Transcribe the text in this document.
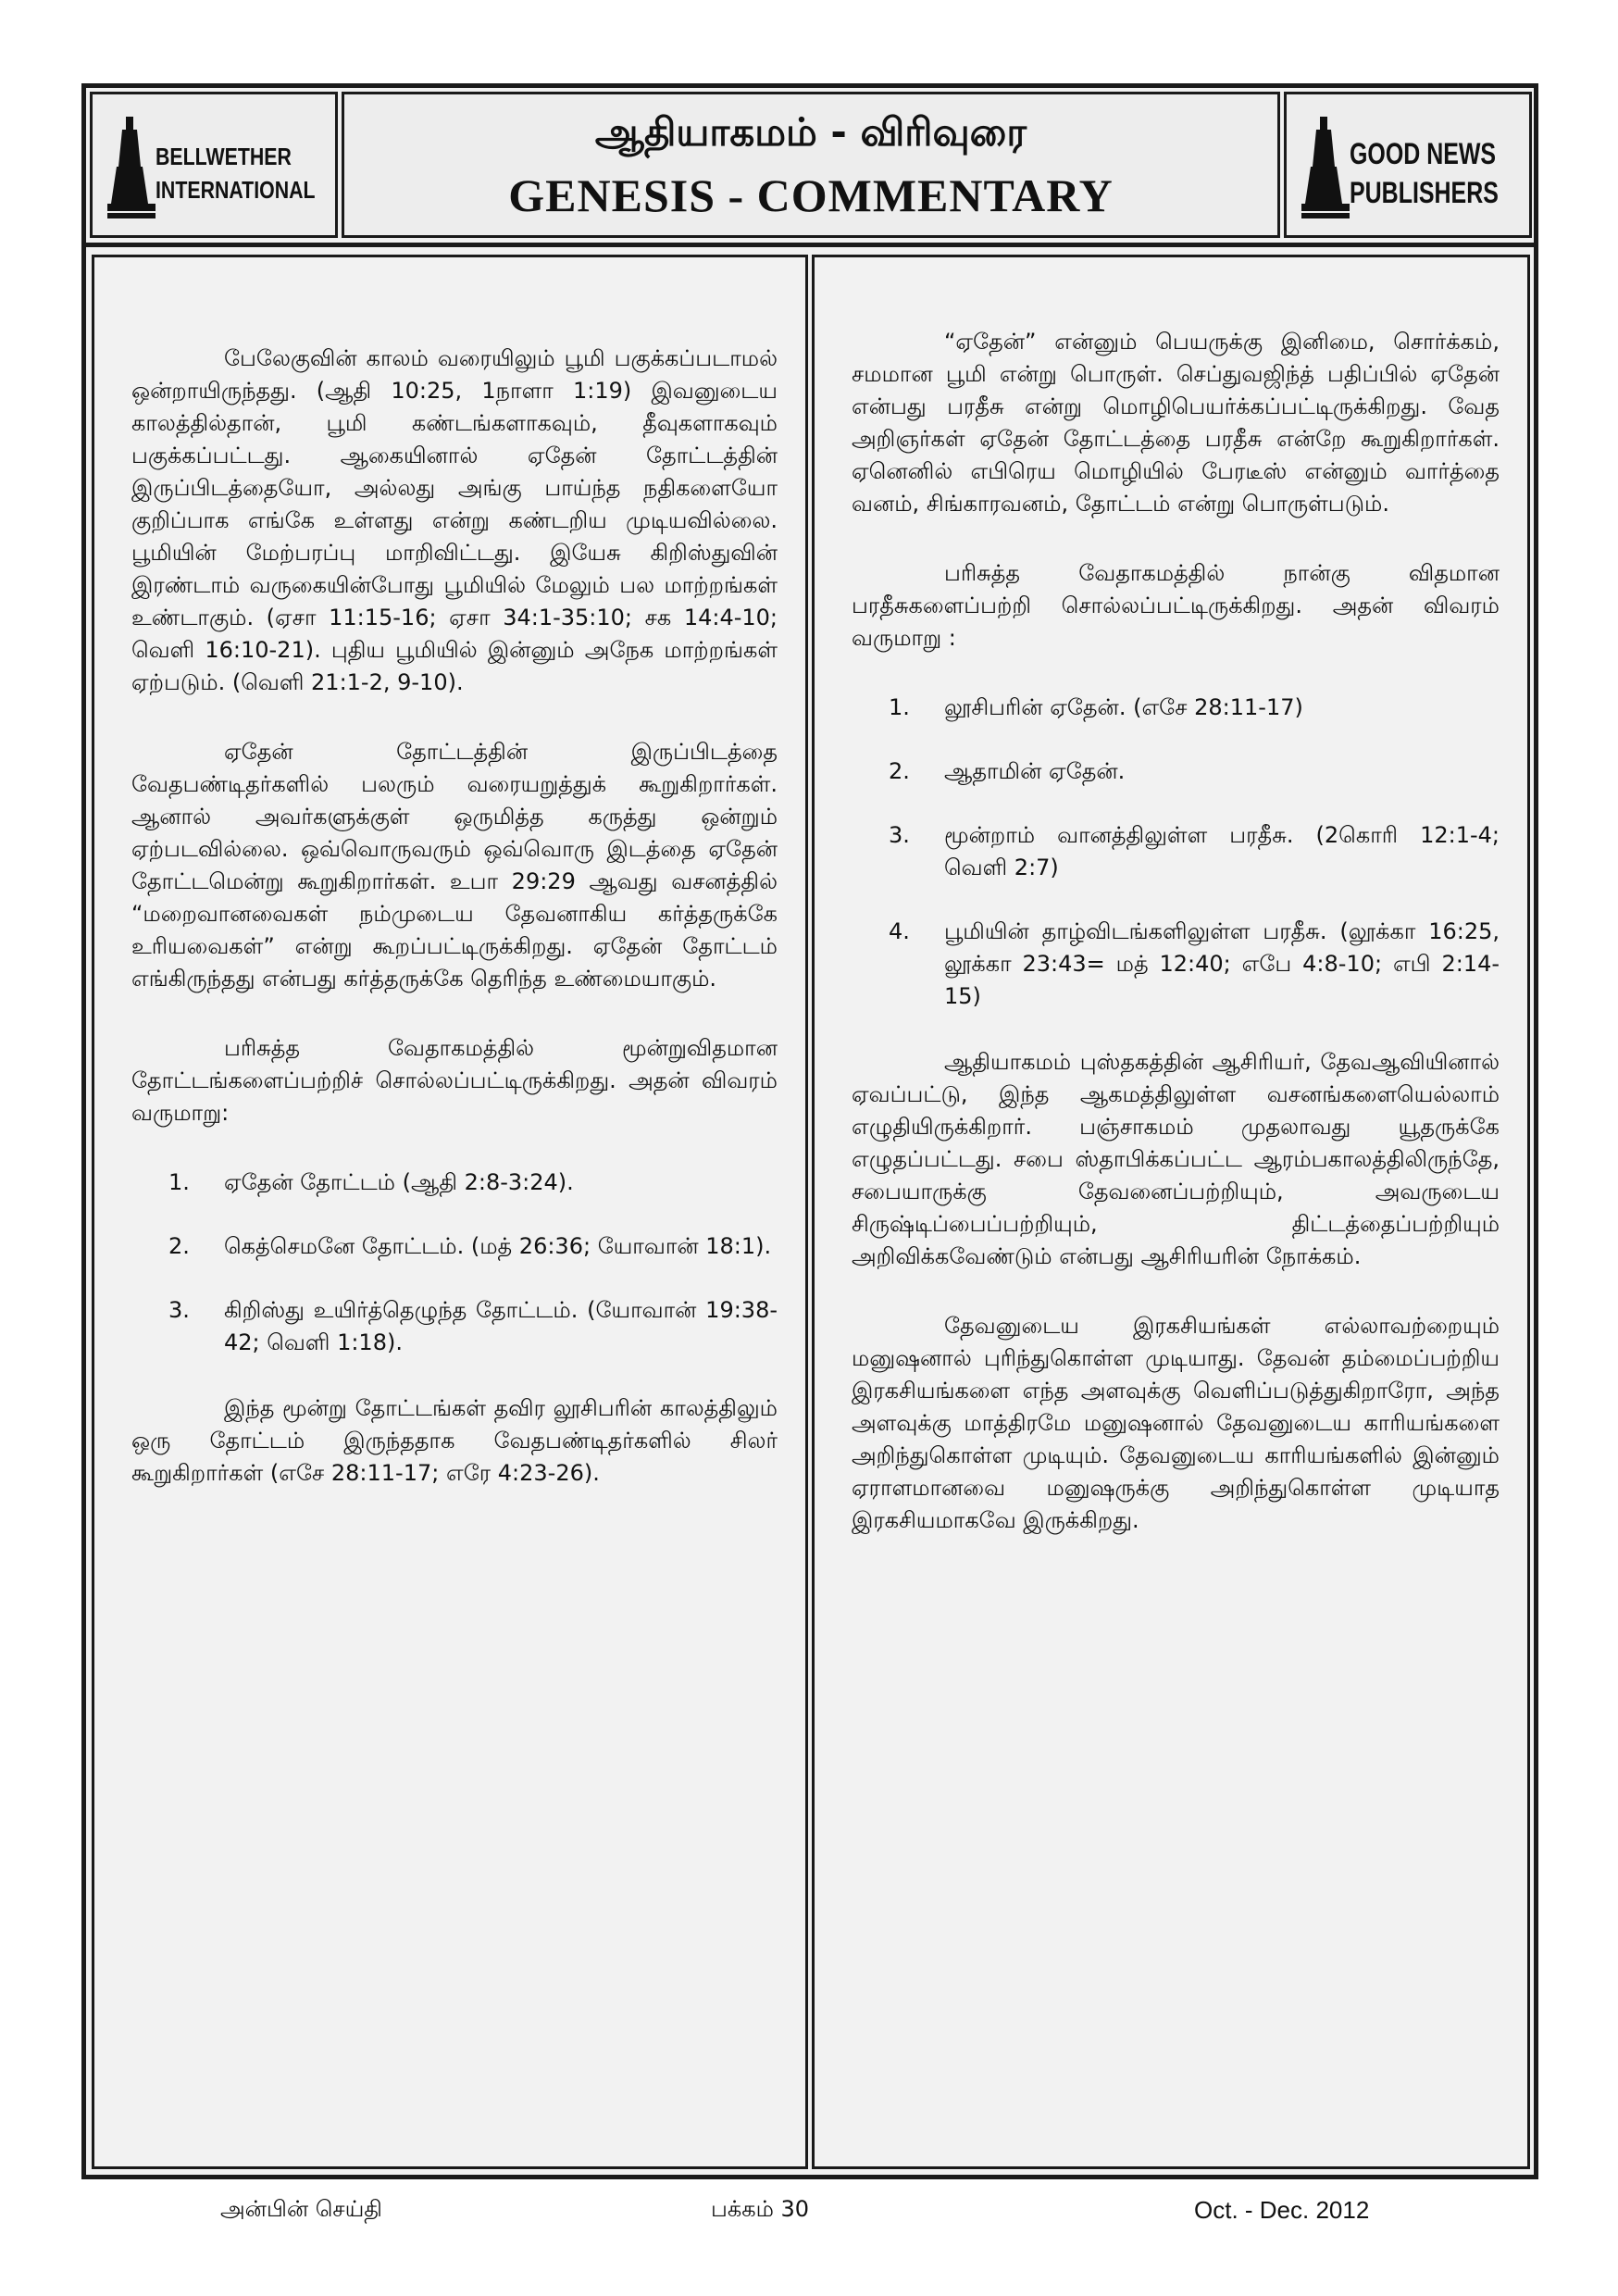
BELLWETHER
INTERNATIONAL
ஆதியாகமம் - விரிவுரை
GENESIS - COMMENTARY
GOOD NEWS
PUBLISHERS

பேலேகுவின் காலம் வரையிலும் பூமி பகுக்கப்படாமல் ஒன்றாயிருந்தது. (ஆதி 10:25, 1நாளா 1:19) இவனுடைய காலத்தில்தான், பூமி கண்டங்களாகவும், தீவுகளாகவும் பகுக்கப்பட்டது. ஆகையினால் ஏதேன் தோட்டத்தின் இருப்பிடத்தையோ, அல்லது அங்கு பாய்ந்த நதிகளையோ குறிப்பாக எங்கே உள்ளது என்று கண்டறிய முடியவில்லை. பூமியின் மேற்பரப்பு மாறிவிட்டது. இயேசு கிறிஸ்துவின் இரண்டாம் வருகையின்போது பூமியில் மேலும் பல மாற்றங்கள் உண்டாகும். (ஏசா 11:15-16; ஏசா 34:1-35:10; சக 14:4-10; வெளி 16:10-21). புதிய பூமியில் இன்னும் அநேக மாற்றங்கள் ஏற்படும். (வெளி 21:1-2, 9-10).

ஏதேன் தோட்டத்தின் இருப்பிடத்தை வேதபண்டிதர்களில் பலரும் வரையறுத்துக் கூறுகிறார்கள். ஆனால் அவர்களுக்குள் ஒருமித்த கருத்து ஒன்றும் ஏற்படவில்லை. ஒவ்வொருவரும் ஒவ்வொரு இடத்தை ஏதேன் தோட்டமென்று கூறுகிறார்கள். உபா 29:29 ஆவது வசனத்தில் “மறைவானவைகள் நம்முடைய தேவனாகிய கர்த்தருக்கே உரியவைகள்” என்று கூறப்பட்டிருக்கிறது. ஏதேன் தோட்டம் எங்கிருந்தது என்பது கர்த்தருக்கே தெரிந்த உண்மையாகும்.

பரிசுத்த வேதாகமத்தில் மூன்றுவிதமான தோட்டங்களைப்பற்றிச் சொல்லப்பட்டிருக்கிறது. அதன் விவரம் வருமாறு:

1. ஏதேன் தோட்டம் (ஆதி 2:8-3:24).
2. கெத்செமனே தோட்டம். (மத் 26:36; யோவான் 18:1).
3. கிறிஸ்து உயிர்த்தெழுந்த தோட்டம். (யோவான் 19:38-42; வெளி 1:18).

இந்த மூன்று தோட்டங்கள் தவிர லூசிபரின் காலத்திலும் ஒரு தோட்டம் இருந்ததாக வேதபண்டிதர்களில் சிலர் கூறுகிறார்கள் (எசே 28:11-17; எரே 4:23-26).

“ஏதேன்” என்னும் பெயருக்கு இனிமை, சொர்க்கம், சமமான பூமி என்று பொருள். செப்துவஜிந்த் பதிப்பில் ஏதேன் என்பது பரதீசு என்று மொழிபெயர்க்கப்பட்டிருக்கிறது. வேத அறிஞர்கள் ஏதேன் தோட்டத்தை பரதீசு என்றே கூறுகிறார்கள். ஏனெனில் எபிரெய மொழியில் பேரடீஸ் என்னும் வார்த்தை வனம், சிங்காரவனம், தோட்டம் என்று பொருள்படும்.

பரிசுத்த வேதாகமத்தில் நான்கு விதமான பரதீசுகளைப்பற்றி சொல்லப்பட்டிருக்கிறது. அதன் விவரம் வருமாறு :

1. லூசிபரின் ஏதேன். (எசே 28:11-17)
2. ஆதாமின் ஏதேன்.
3. மூன்றாம் வானத்திலுள்ள பரதீசு. (2கொரி 12:1-4; வெளி 2:7)
4. பூமியின் தாழ்விடங்களிலுள்ள பரதீசு. (லூக்கா 16:25, லூக்கா 23:43= மத் 12:40; எபே 4:8-10; எபி 2:14-15)

ஆதியாகமம் புஸ்தகத்தின் ஆசிரியர், தேவஆவியினால் ஏவப்பட்டு, இந்த ஆகமத்திலுள்ள வசனங்களையெல்லாம் எழுதியிருக்கிறார். பஞ்சாகமம் முதலாவது யூதருக்கே எழுதப்பட்டது. சபை ஸ்தாபிக்கப்பட்ட ஆரம்பகாலத்திலிருந்தே, சபையாருக்கு தேவனைப்பற்றியும், அவருடைய சிருஷ்டிப்பைப்பற்றியும், திட்டத்தைப்பற்றியும் அறிவிக்கவேண்டும் என்பது ஆசிரியரின் நோக்கம்.

தேவனுடைய இரகசியங்கள் எல்லாவற்றையும் மனுஷனால் புரிந்துகொள்ள முடியாது. தேவன் தம்மைப்பற்றிய இரகசியங்களை எந்த அளவுக்கு வெளிப்படுத்துகிறாரோ, அந்த அளவுக்கு மாத்திரமே மனுஷனால் தேவனுடைய காரியங்களை அறிந்துகொள்ள முடியும். தேவனுடைய காரியங்களில் இன்னும் ஏராளமானவை மனுஷருக்கு அறிந்துகொள்ள முடியாத இரகசியமாகவே இருக்கிறது.

அன்பின் செய்தி	பக்கம் 30	Oct. - Dec. 2012
